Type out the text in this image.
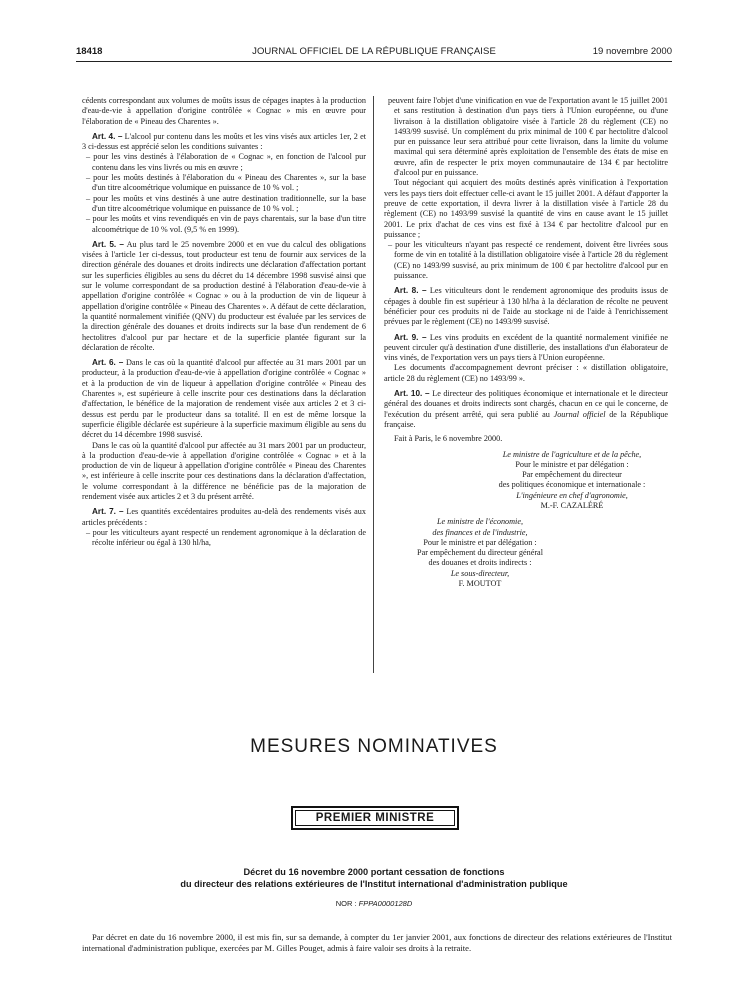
18418	JOURNAL OFFICIEL DE LA RÉPUBLIQUE FRANÇAISE	19 novembre 2000

cédents correspondant aux volumes de moûts issus de cépages inaptes à la production d'eau-de-vie à appellation d'origine contrôlée « Cognac » mis en œuvre pour l'élaboration de « Pineau des Charentes ».

Art. 4. – L'alcool pur contenu dans les moûts et les vins visés aux articles 1er, 2 et 3 ci-dessus est apprécié selon les conditions suivantes :

– pour les vins destinés à l'élaboration de « Cognac », en fonction de l'alcool pur contenu dans les vins livrés ou mis en œuvre ;

– pour les moûts destinés à l'élaboration du « Pineau des Charentes », sur la base d'un titre alcoométrique volumique en puissance de 10 % vol. ;

– pour les moûts et vins destinés à une autre destination traditionnelle, sur la base d'un titre alcoométrique volumique en puissance de 10 % vol. ;

– pour les moûts et vins revendiqués en vin de pays charentais, sur la base d'un titre alcoométrique de 10 % vol. (9,5 % en 1999).

Art. 5. – Au plus tard le 25 novembre 2000 et en vue du calcul des obligations visées à l'article 1er ci-dessus, tout producteur est tenu de fournir aux services de la direction générale des douanes et droits indirects une déclaration d'affectation portant sur les superficies éligibles au sens du décret du 14 décembre 1998 susvisé ainsi que sur le volume correspondant de sa production destiné à l'élaboration d'eau-de-vie à appellation d'origine contrôlée « Cognac » ou à la production de vin de liqueur à appellation d'origine contrôlée « Pineau des Charentes ». A défaut de cette déclaration, la quantité normalement vinifiée (QNV) du producteur est évaluée par les services de la direction générale des douanes et droits indirects sur la base d'un rendement de 6 hectolitres d'alcool pur par hectare et de la superficie plantée figurant sur la déclaration de récolte.

Art. 6. – Dans le cas où la quantité d'alcool pur affectée au 31 mars 2001 par un producteur, à la production d'eau-de-vie à appellation d'origine contrôlée « Cognac » et à la production de vin de liqueur à appellation d'origine contrôlée « Pineau des Charentes », est supérieure à celle inscrite pour ces destinations dans la déclaration d'affectation, le bénéfice de la majoration de rendement visée aux articles 2 et 3 ci-dessus est perdu par le producteur dans sa totalité. Il en est de même lorsque la superficie éligible déclarée est supérieure à la superficie maximum éligible au sens du décret du 14 décembre 1998 susvisé.

Dans le cas où la quantité d'alcool pur affectée au 31 mars 2001 par un producteur, à la production d'eau-de-vie à appellation d'origine contrôlée « Cognac » et à la production de vin de liqueur à appellation d'origine contrôlée « Pineau des Charentes », est inférieure à celle inscrite pour ces destinations dans la déclaration d'affectation, le volume correspondant à la différence ne bénéficie pas de la majoration de rendement visée aux articles 2 et 3 du présent arrêté.

Art. 7. – Les quantités excédentaires produites au-delà des rendements visés aux articles précédents :

– pour les viticulteurs ayant respecté un rendement agronomique à la déclaration de récolte inférieur ou égal à 130 hl/ha,

peuvent faire l'objet d'une vinification en vue de l'exportation avant le 15 juillet 2001 et sans restitution à destination d'un pays tiers à l'Union européenne, ou d'une livraison à la distillation obligatoire visée à l'article 28 du règlement (CE) no 1493/99 susvisé. Un complément du prix minimal de 100 € par hectolitre d'alcool pur en puissance leur sera attribué pour cette livraison, dans la limite du volume maximal qui sera déterminé après exploitation de l'ensemble des états de mise en œuvre, afin de respecter le prix moyen communautaire de 134 € par hectolitre d'alcool pur en puissance.

Tout négociant qui acquiert des moûts destinés après vinification à l'exportation vers les pays tiers doit effectuer celle-ci avant le 15 juillet 2001. A défaut d'apporter la preuve de cette exportation, il devra livrer à la distillation visée à l'article 28 du règlement (CE) no 1493/99 susvisé la quantité de vins en cause avant le 15 juillet 2001. Le prix d'achat de ces vins est fixé à 134 € par hectolitre d'alcool pur en puissance ;

– pour les viticulteurs n'ayant pas respecté ce rendement, doivent être livrées sous forme de vin en totalité à la distillation obligatoire visée à l'article 28 du règlement (CE) no 1493/99 susvisé, au prix minimum de 100 € par hectolitre d'alcool pur en puissance.

Art. 8. – Les viticulteurs dont le rendement agronomique des produits issus de cépages à double fin est supérieur à 130 hl/ha à la déclaration de récolte ne peuvent bénéficier pour ces produits ni de l'aide au stockage ni de l'aide à l'enrichissement prévues par le règlement (CE) no 1493/99 susvisé.

Art. 9. – Les vins produits en excédent de la quantité normalement vinifiée ne peuvent circuler qu'à destination d'une distillerie, des installations d'un élaborateur de vins vinés, de l'exportation vers un pays tiers à l'Union européenne.

Les documents d'accompagnement devront préciser : « distillation obligatoire, article 28 du règlement (CE) no 1493/99 ».

Art. 10. – Le directeur des politiques économique et internationale et le directeur général des douanes et droits indirects sont chargés, chacun en ce qui le concerne, de l'exécution du présent arrêté, qui sera publié au Journal officiel de la République française.

Fait à Paris, le 6 novembre 2000.

Le ministre de l'agriculture et de la pêche,
Pour le ministre et par délégation :
Par empêchement du directeur
des politiques économique et internationale :
L'ingénieure en chef d'agronomie,
M.-F. CAZALÉRÉ
Le ministre de l'économie,
des finances et de l'industrie,
Pour le ministre et par délégation :
Par empêchement du directeur général
des douanes et droits indirects :
Le sous-directeur,
F. MOUTOT
MESURES NOMINATIVES
PREMIER MINISTRE
Décret du 16 novembre 2000 portant cessation de fonctions
du directeur des relations extérieures de l'Institut international d'administration publique
NOR : FPPA0000128D
Par décret en date du 16 novembre 2000, il est mis fin, sur sa demande, à compter du 1er janvier 2001, aux fonctions de directeur des relations extérieures de l'Institut international d'administration publique, exercées par M. Gilles Pouget, admis à faire valoir ses droits à la retraite.
